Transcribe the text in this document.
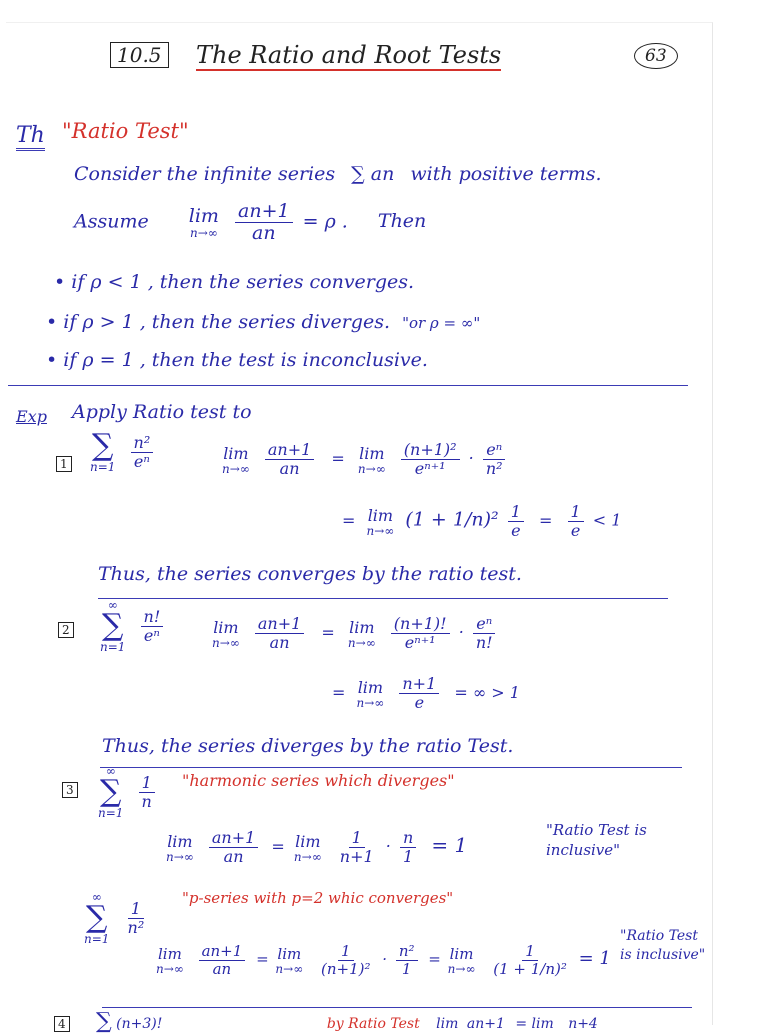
10.5 The Ratio and Root Tests	63
Th "Ratio Test"
Consider the infinite series ∑ an with positive terms.
Assume lim
n→∞
$\frac{an+1}{an} = \rho$ . Then
• if ρ < 1 , then the series converges.
• if ρ > 1 , then the series diverges. "or ρ = ∞"
• if ρ = 1 , then the test is inconclusive.
Exp Apply Ratio test to
1
∑
n=1
$\frac{\text{n²}}{\text{eⁿ}}$	lim
n→∞
$\frac{an+1}{an} = \lim$
n→∞
$\frac{\text{(n+1)²}}{\text{eⁿ⁺¹}} \cdot \frac{\text{eⁿ}}{\text{n²}}$
= lim
n→∞ $(1 + 1/n)^2 \frac{1}{e} = \frac{1}{e} < 1$
Thus, the series converges by the ratio test.
2
∞
∑
n=1

$\frac{n!}{\text{eⁿ}}$	lim
n→∞
$\frac{an+1}{an} = \lim$
n→∞
$\frac{(n+1)!}{\text{eⁿ⁺¹}} \cdot \frac{\text{eⁿ}}{n!}$
= lim
n→∞
$\frac{n+1}{e}$ = ∞ > 1
Thus, the series diverges by the ratio Test.
3
∞
∑
n=1

$\frac{1}{n}$ "harmonic series which diverges"
lim
n→∞
$\frac{an+1}{an} = \lim$
n→∞
$\frac{1}{n+1} \cdot \frac{n}{1} = 1$
"Ratio Test is inclusive"
∞
∑
n=1

$\frac{1}{\text{n²}}$
"p-series with p=2 whic converges"
lim
n→∞
$\frac{an+1}{an} = \lim$
n→∞
$\frac{1}{\text{(n+1)²}} \cdot \frac{\text{n²}}{1} = \lim$
n→∞
$\frac{1}{\text{(1 + 1/n)²}} = 1$
"Ratio Test is inclusive"
4 ∑ (n+3)!	by Ratio Test lim an+1 = lim n+4
